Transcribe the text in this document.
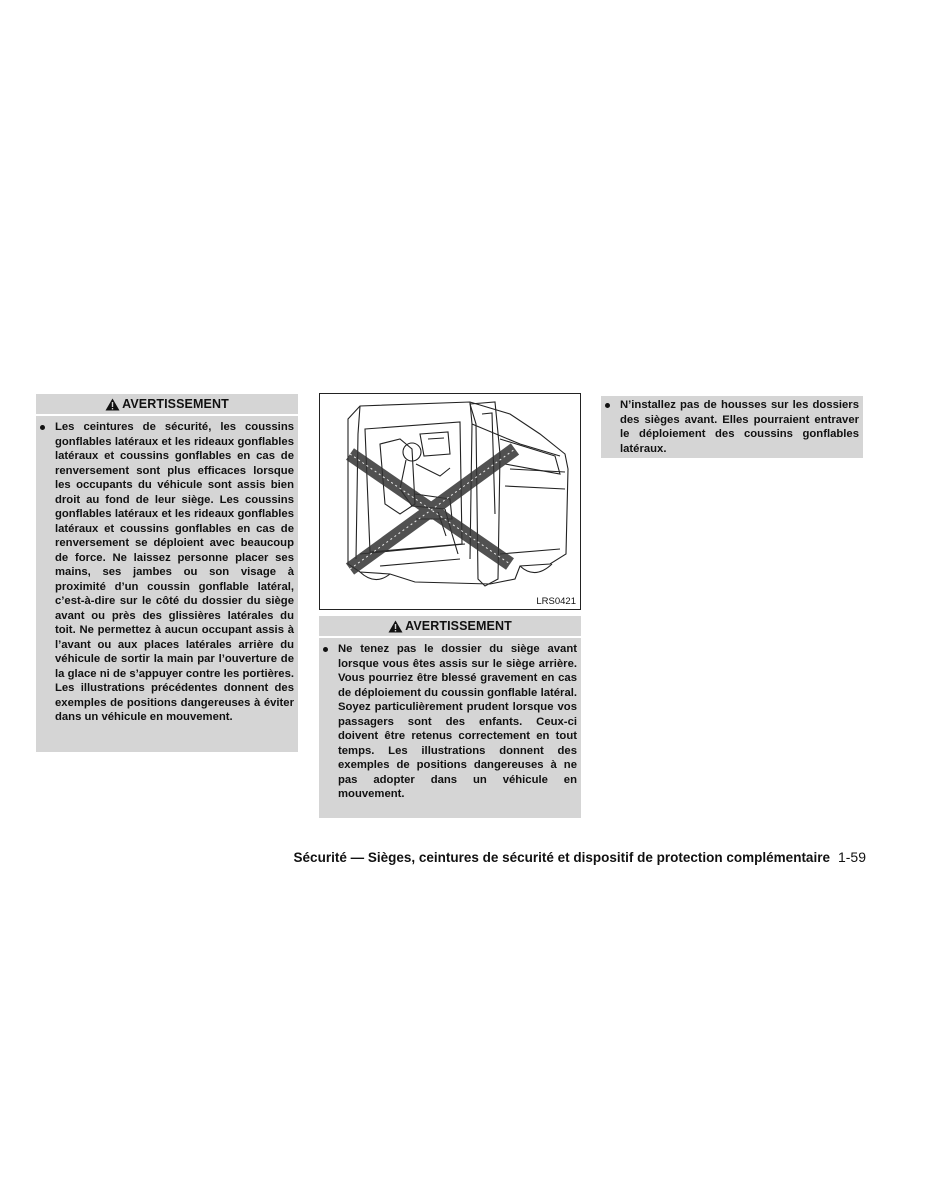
AVERTISSEMENT
Les ceintures de sécurité, les coussins gonflables latéraux et les rideaux gonflables latéraux et coussins gonflables en cas de renversement sont plus efficaces lorsque les occupants du véhicule sont assis bien droit au fond de leur siège. Les coussins gonflables latéraux et les rideaux gonflables latéraux et coussins gonflables en cas de renversement se déploient avec beaucoup de force. Ne laissez personne placer ses mains, ses jambes ou son visage à proximité d’un coussin gonflable latéral, c’est-à-dire sur le côté du dossier du siège avant ou près des glissières latérales du toit. Ne permettez à aucun occupant assis à l’avant ou aux places latérales arrière du véhicule de sortir la main par l’ouverture de la glace ni de s’appuyer contre les portières. Les illustrations précédentes donnent des exemples de positions dangereuses à éviter dans un véhicule en mouvement.
LRS0421
AVERTISSEMENT
Ne tenez pas le dossier du siège avant lorsque vous êtes assis sur le siège arrière. Vous pourriez être blessé gravement en cas de déploiement du coussin gonflable latéral. Soyez particulièrement prudent lorsque vos passagers sont des enfants. Ceux-ci doivent être retenus correctement en tout temps. Les illustrations donnent des exemples de positions dangereuses à ne pas adopter dans un véhicule en mouvement.
N’installez pas de housses sur les dossiers des sièges avant. Elles pourraient entraver le déploiement des coussins gonflables latéraux.
Sécurité — Sièges, ceintures de sécurité et dispositif de protection complémentaire 1-59
